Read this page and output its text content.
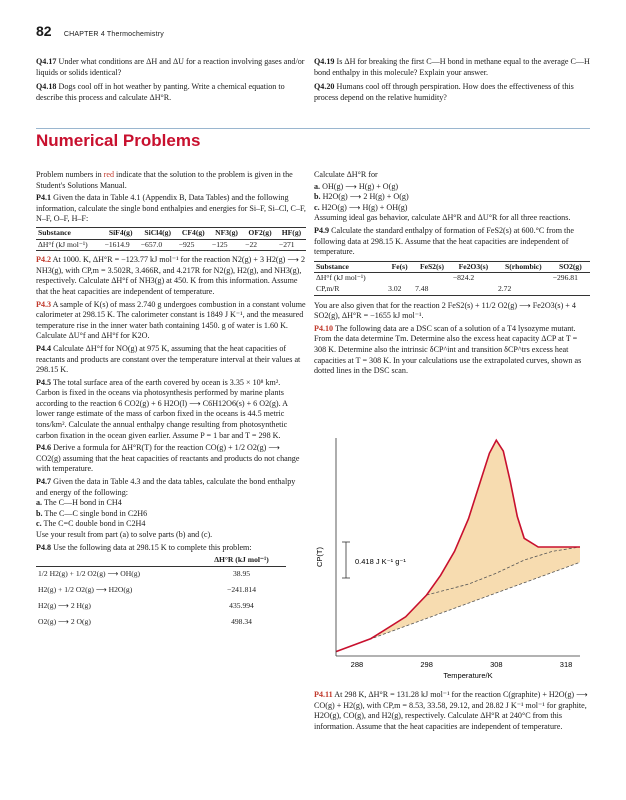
82 CHAPTER 4 Thermochemistry

Q4.17 Under what conditions are ΔH and ΔU for a reaction involving gases and/or liquids or solids identical?

Q4.18 Dogs cool off in hot weather by panting. Write a chemical equation to describe this process and calculate ΔH°R.

Q4.19 Is ΔH for breaking the first C—H bond in methane equal to the average C—H bond enthalpy in this molecule? Explain your answer.

Q4.20 Humans cool off through perspiration. How does the effectiveness of this process depend on the relative humidity?

Numerical Problems

Problem numbers in red indicate that the solution to the problem is given in the Student's Solutions Manual.

P4.1 Given the data in Table 4.1 (Appendix B, Data Tables) and the following information, calculate the single bond enthalpies and energies for Si–F, Si–Cl, C–F, N–F, O–F, H–F:

Substance	SiF4(g)	SiCl4(g)	CF4(g)	NF3(g)	OF2(g)	HF(g)
ΔH°f (kJ mol⁻¹)	−1614.9	−657.0	−925	−125	−22	−271

P4.2 At 1000. K, ΔH°R = −123.77 kJ mol⁻¹ for the reaction N2(g) + 3 H2(g) ⟶ 2 NH3(g), with CP,m = 3.502R, 3.466R, and 4.217R for N2(g), H2(g), and NH3(g), respectively. Calculate ΔH°f of NH3(g) at 450. K from this information. Assume that the heat capacities are independent of temperature.

P4.3 A sample of K(s) of mass 2.740 g undergoes combustion in a constant volume calorimeter at 298.15 K. The calorimeter constant is 1849 J K⁻¹, and the measured temperature rise in the inner water bath containing 1450. g of water is 1.60 K. Calculate ΔU°f and ΔH°f for K2O.

P4.4 Calculate ΔH°f for NO(g) at 975 K, assuming that the heat capacities of reactants and products are constant over the temperature interval at their values at 298.15 K.

P4.5 The total surface area of the earth covered by ocean is 3.35 × 10⁸ km². Carbon is fixed in the oceans via photosynthesis performed by marine plants according to the reaction 6 CO2(g) + 6 H2O(l) ⟶ C6H12O6(s) + 6 O2(g). A lower range estimate of the mass of carbon fixed in the oceans is 44.5 metric tons/km². Calculate the annual enthalpy change resulting from photosynthetic carbon fixation in the ocean given earlier. Assume P = 1 bar and T = 298 K.

P4.6 Derive a formula for ΔH°R(T) for the reaction CO(g) + 1/2 O2(g) ⟶ CO2(g) assuming that the heat capacities of reactants and products do not change with temperature.

P4.7 Given the data in Table 4.3 and the data tables, calculate the bond enthalpy and energy of the following:

a. The C—H bond in CH4

b. The C—C single bond in C2H6

c. The C=C double bond in C2H4

Use your result from part (a) to solve parts (b) and (c).

P4.8 Use the following data at 298.15 K to complete this problem:

	ΔH°R (kJ mol⁻¹)
1/2 H2(g) + 1/2 O2(g) ⟶ OH(g)	38.95
H2(g) + 1/2 O2(g) ⟶ H2O(g)	−241.814
H2(g) ⟶ 2 H(g)	435.994
O2(g) ⟶ 2 O(g)	498.34

Calculate ΔH°R for

a. OH(g) ⟶ H(g) + O(g)

b. H2O(g) ⟶ 2 H(g) + O(g)

c. H2O(g) ⟶ H(g) + OH(g)

Assuming ideal gas behavior, calculate ΔH°R and ΔU°R for all three reactions.

P4.9 Calculate the standard enthalpy of formation of FeS2(s) at 600.°C from the following data at 298.15 K. Assume that the heat capacities are independent of temperature.

Substance	Fe(s)	FeS2(s)	Fe2O3(s)	S(rhombic)	SO2(g)
ΔH°f (kJ mol⁻¹)			−824.2		−296.81
CP,m/R	3.02	7.48		2.72	

You are also given that for the reaction 2 FeS2(s) + 11/2 O2(g) ⟶ Fe2O3(s) + 4 SO2(g), ΔH°R = −1655 kJ mol⁻¹.

P4.10 The following data are a DSC scan of a solution of a T4 lysozyme mutant. From the data determine Tm. Determine also the excess heat capacity ΔCP at T = 308 K. Determine also the intrinsic δCP^int and transition δCP^trs excess heat capacities at T = 308 K. In your calculations use the extrapolated curves, shown as dotted lines in the DSC scan.

0.418 J K⁻¹ g⁻¹
CP(T)
288	298	308	318
Temperature/K

P4.11 At 298 K, ΔH°R = 131.28 kJ mol⁻¹ for the reaction C(graphite) + H2O(g) ⟶ CO(g) + H2(g), with CP,m = 8.53, 33.58, 29.12, and 28.82 J K⁻¹ mol⁻¹ for graphite, H2O(g), CO(g), and H2(g), respectively. Calculate ΔH°R at 240°C from this information. Assume that the heat capacities are independent of temperature.
